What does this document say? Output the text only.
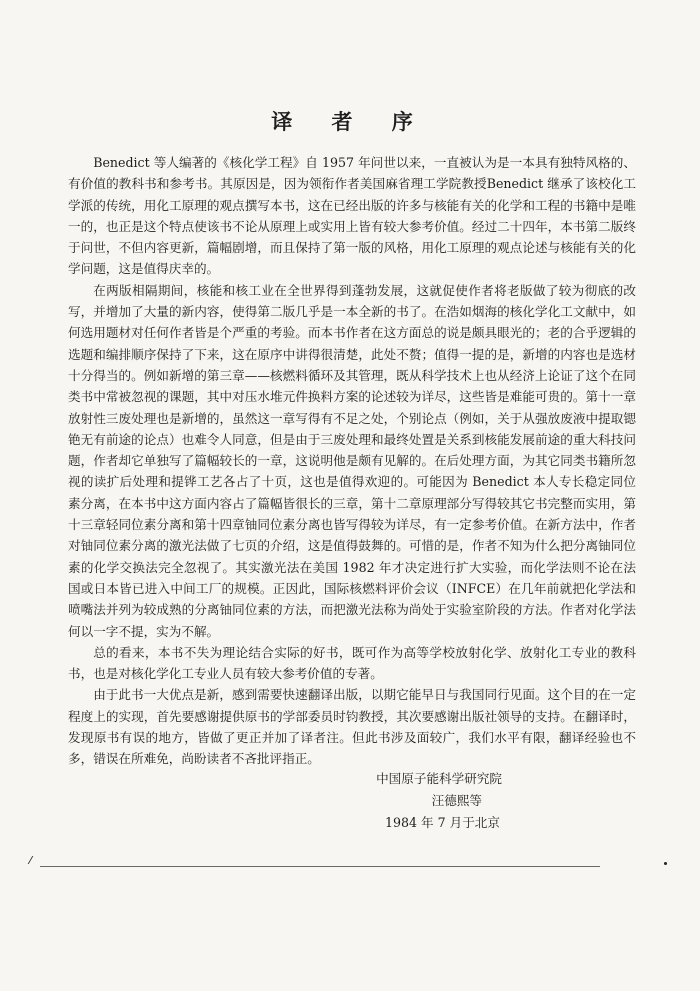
译 者 序

Benedict 等人编著的《核化学工程》自 1957 年问世以来，一直被认为是一本具有独特风格的、有价值的教科书和参考书。其原因是，因为领衔作者美国麻省理工学院教授Benedict 继承了该校化工学派的传统，用化工原理的观点撰写本书，这在已经出版的许多与核能有关的化学和工程的书籍中是唯一的，也正是这个特点使该书不论从原理上或实用上皆有较大参考价值。经过二十四年，本书第二版终于问世，不但内容更新，篇幅剧增，而且保持了第一版的风格，用化工原理的观点论述与核能有关的化学问题，这是值得庆幸的。

在两版相隔期间，核能和核工业在全世界得到蓬勃发展，这就促使作者将老版做了较为彻底的改写，并增加了大量的新内容，使得第二版几乎是一本全新的书了。在浩如烟海的核化学化工文献中，如何选用题材对任何作者皆是个严重的考验。而本书作者在这方面总的说是颇具眼光的；老的合乎逻辑的选题和编排顺序保持了下来，这在原序中讲得很清楚，此处不赘；值得一提的是，新增的内容也是选材十分得当的。例如新增的第三章——核燃料循环及其管理，既从科学技术上也从经济上论证了这个在同类书中常被忽视的课题，其中对压水堆元件换料方案的论述较为详尽，这些皆是难能可贵的。第十一章放射性三废处理也是新增的，虽然这一章写得有不足之处，个别论点（例如，关于从强放废液中提取锶铯无有前途的论点）也难令人同意，但是由于三废处理和最终处置是关系到核能发展前途的重大科技问题，作者却它单独写了篇幅较长的一章，这说明他是颇有见解的。在后处理方面，为其它同类书籍所忽视的读扩后处理和提铧工艺各占了十页，这也是值得欢迎的。可能因为 Benedict 本人专长稳定同位素分离，在本书中这方面内容占了篇幅皆很长的三章，第十二章原理部分写得较其它书完整而实用，第十三章轻同位素分离和第十四章铀同位素分离也皆写得较为详尽，有一定参考价值。在新方法中，作者对铀同位素分离的激光法做了七页的介绍，这是值得鼓舞的。可惜的是，作者不知为什么把分离铀同位素的化学交换法完全忽视了。其实激光法在美国 1982 年才决定进行扩大实验，而化学法则不论在法国或日本皆已进入中间工厂的规模。正因此，国际核燃料评价会议（INFCE）在几年前就把化学法和喷嘴法并列为较成熟的分离铀同位素的方法，而把激光法称为尚处于实验室阶段的方法。作者对化学法何以一字不提，实为不解。

总的看来，本书不失为理论结合实际的好书，既可作为高等学校放射化学、放射化工专业的教科书，也是对核化学化工专业人员有较大参考价值的专著。

由于此书一大优点是新，感到需要快速翻译出版，以期它能早日与我国同行见面。这个目的在一定程度上的实现，首先要感谢提供原书的学部委员时钧教授，其次要感谢出版社领导的支持。在翻译时，发现原书有误的地方，皆做了更正并加了译者注。但此书涉及面较广，我们水平有限，翻译经验也不多，错误在所难免，尚盼读者不吝批评指正。

中国原子能科学研究院
汪德熙等
1984 年 7 月于北京
